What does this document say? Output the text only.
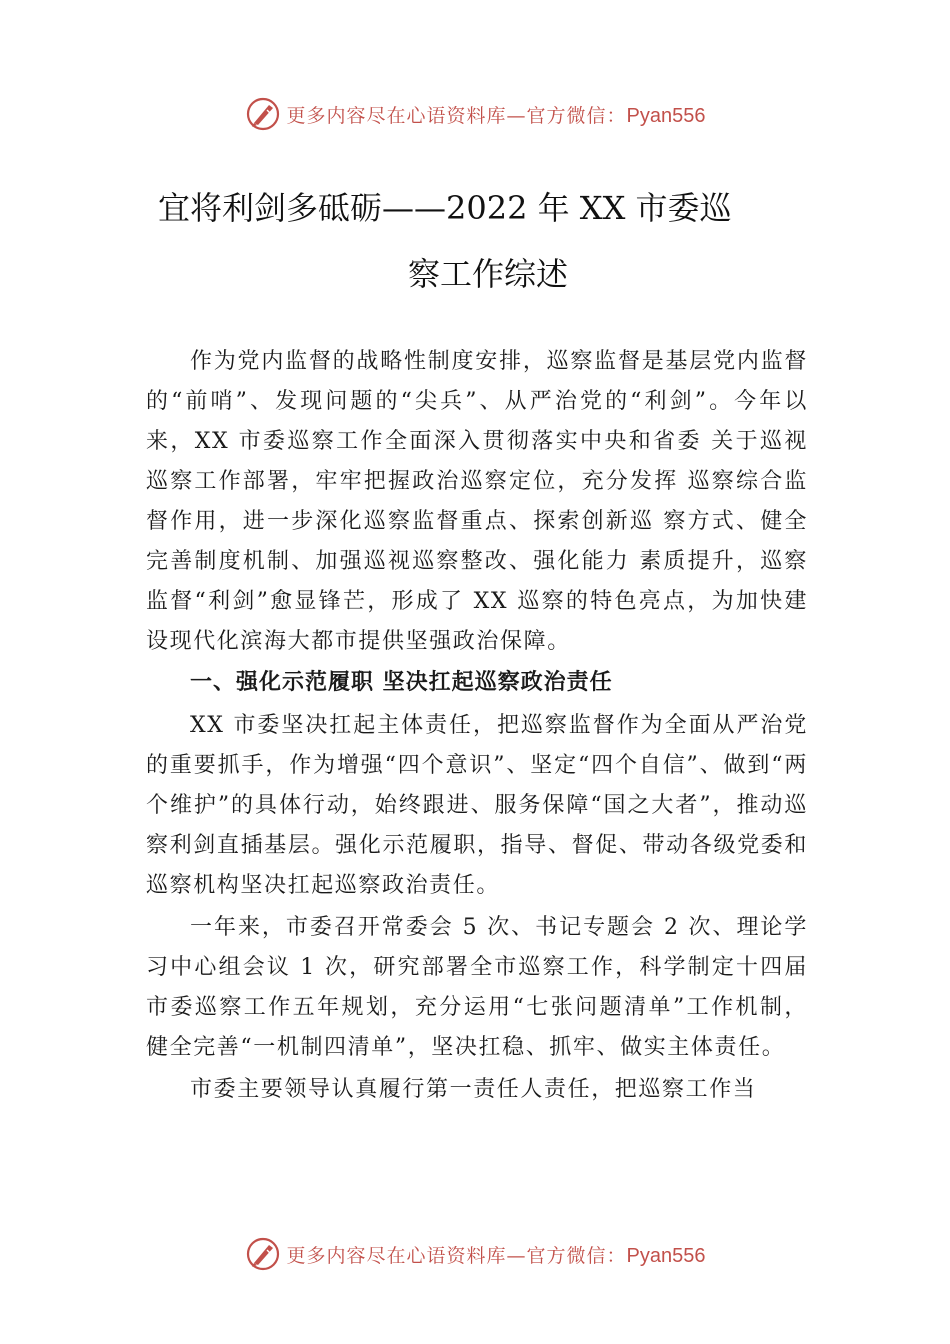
更多内容尽在心语资料库—官方微信：Pyan556
宜将利剑多砥砺——2022 年 XX 市委巡
察工作综述

作为党内监督的战略性制度安排，巡察监督是基层党内监督的“前哨”、发现问题的“尖兵”、从严治党的“利剑”。今年以来，XX 市委巡察工作全面深入贯彻落实中央和省委 关于巡视巡察工作部署，牢牢把握政治巡察定位，充分发挥 巡察综合监督作用，进一步深化巡察监督重点、探索创新巡 察方式、健全完善制度机制、加强巡视巡察整改、强化能力 素质提升，巡察监督“利剑”愈显锋芒，形成了 XX 巡察的特色亮点，为加快建设现代化滨海大都市提供坚强政治保障。

一、强化示范履职 坚决扛起巡察政治责任

XX 市委坚决扛起主体责任，把巡察监督作为全面从严治党的重要抓手，作为增强“四个意识”、坚定“四个自信”、做到“两个维护”的具体行动，始终跟进、服务保障“国之大者”，推动巡察利剑直插基层。强化示范履职，指导、督促、带动各级党委和巡察机构坚决扛起巡察政治责任。

一年来，市委召开常委会 5 次、书记专题会 2 次、理论学习中心组会议 1 次，研究部署全市巡察工作，科学制定十四届市委巡察工作五年规划，充分运用“七张问题清单”工作机制，健全完善“一机制四清单”，坚决扛稳、抓牢、做实主体责任。

市委主要领导认真履行第一责任人责任，把巡察工作当

更多内容尽在心语资料库—官方微信：Pyan556
